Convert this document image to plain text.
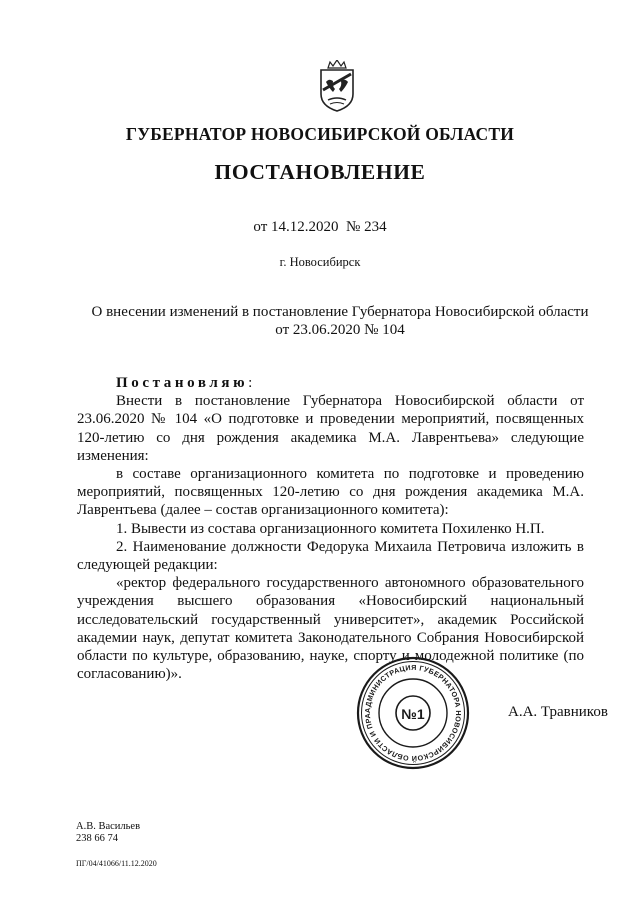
ГУБЕРНАТОР НОВОСИБИРСКОЙ ОБЛАСТИ
ПОСТАНОВЛЕНИЕ
от 14.12.2020  № 234
г. Новосибирск
О внесении изменений в постановление Губернатора Новосибирской области
от 23.06.2020 № 104

Постановляю:

Внести в постановление Губернатора Новосибирской области от 23.06.2020 № 104 «О подготовке и проведении мероприятий, посвященных 120-летию со дня рождения академика М.А. Лаврентьева» следующие изменения:

в составе организационного комитета по подготовке и проведению мероприятий, посвященных 120-летию со дня рождения академика М.А. Лаврентьева (далее – состав организационного комитета):

1. Вывести из состава организационного комитета Похиленко Н.П.

2. Наименование должности Федорука Михаила Петровича изложить в следующей редакции:

«ректор федерального государственного автономного образовательного учреждения высшего образования «Новосибирский национальный исследовательский государственный университет», академик Российской академии наук, депутат комитета Законодательного Собрания Новосибирской области по культуре, образованию, науке, спорту и молодежной политике (по согласованию)».

АДМИНИСТРАЦИЯ ГУБЕРНАТОРА НОВОСИБИРСКОЙ ОБЛАСТИ И ПРА	№1	А.А. Травников
А.В. Васильев
238 66 74
ПГ/04/41066/11.12.2020
